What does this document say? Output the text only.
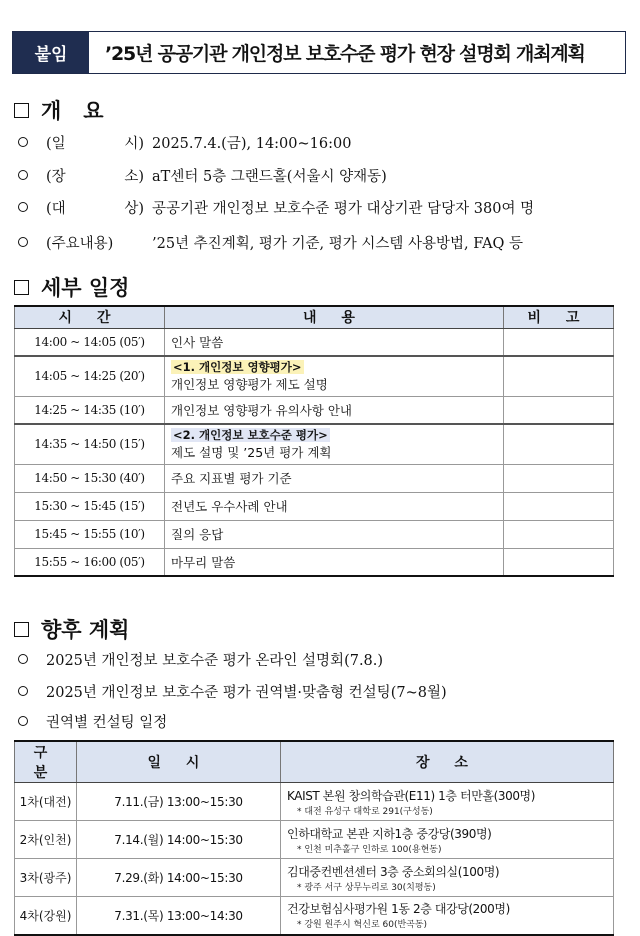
붙임	’25년 공공기관 개인정보 보호수준 평가 현장 설명회 개최계획
개   요
(일	시) 2025.7.4.(금), 14:00~16:00
(장	소) aT센터 5층 그랜드홀(서울시 양재동)
(대	상) 공공기관 개인정보 보호수준 평가 대상기관 담당자 380여 명
(주요내용)	’25년 추진계획, 평가 기준, 평가 시스템 사용방법, FAQ 등
세부 일정
시 간	내 용	비 고
14:00 ~ 14:05 (05′)	인사 말씀	
14:05 ~ 14:25 (20′)	<1. 개인정보 영향평가>
개인정보 영향평가 제도 설명	

14:25 ~ 14:35 (10′)	개인정보 영향평가 유의사항 안내	
14:35 ~ 14:50 (15′)	<2. 개인정보 보호수준 평가>
제도 설명 및 ’25년 평가 계획	

14:50 ~ 15:30 (40′)	주요 지표별 평가 기준	
15:30 ~ 15:45 (15′)	전년도 우수사례 안내	
15:45 ~ 15:55 (10′)	질의 응답	
15:55 ~ 16:00 (05′)	마무리 말씀	
향후 계획
2025년 개인정보 보호수준 평가 온라인 설명회(7.8.)
2025년 개인정보 보호수준 평가 권역별·맞춤형 컨설팅(7~8월)
권역별 컨설팅 일정
구 분	일 시	장 소
1차(대전)	7.11.(금) 13:00~15:30	KAIST 본원 창의학습관(E11) 1층 터만홀(300명)
* 대전 유성구 대학로 291(구성동)

2차(인천)	7.14.(월) 14:00~15:30	인하대학교 본관 지하1층 중강당(390명)
* 인천 미추홀구 인하로 100(용현동)

3차(광주)	7.29.(화) 14:00~15:30	김대중컨벤션센터 3층 중소회의실(100명)
* 광주 서구 상무누리로 30(치평동)

4차(강원)	7.31.(목) 13:00~14:30	건강보험심사평가원 1동 2층 대강당(200명)
* 강원 원주시 혁신로 60(반곡동)
